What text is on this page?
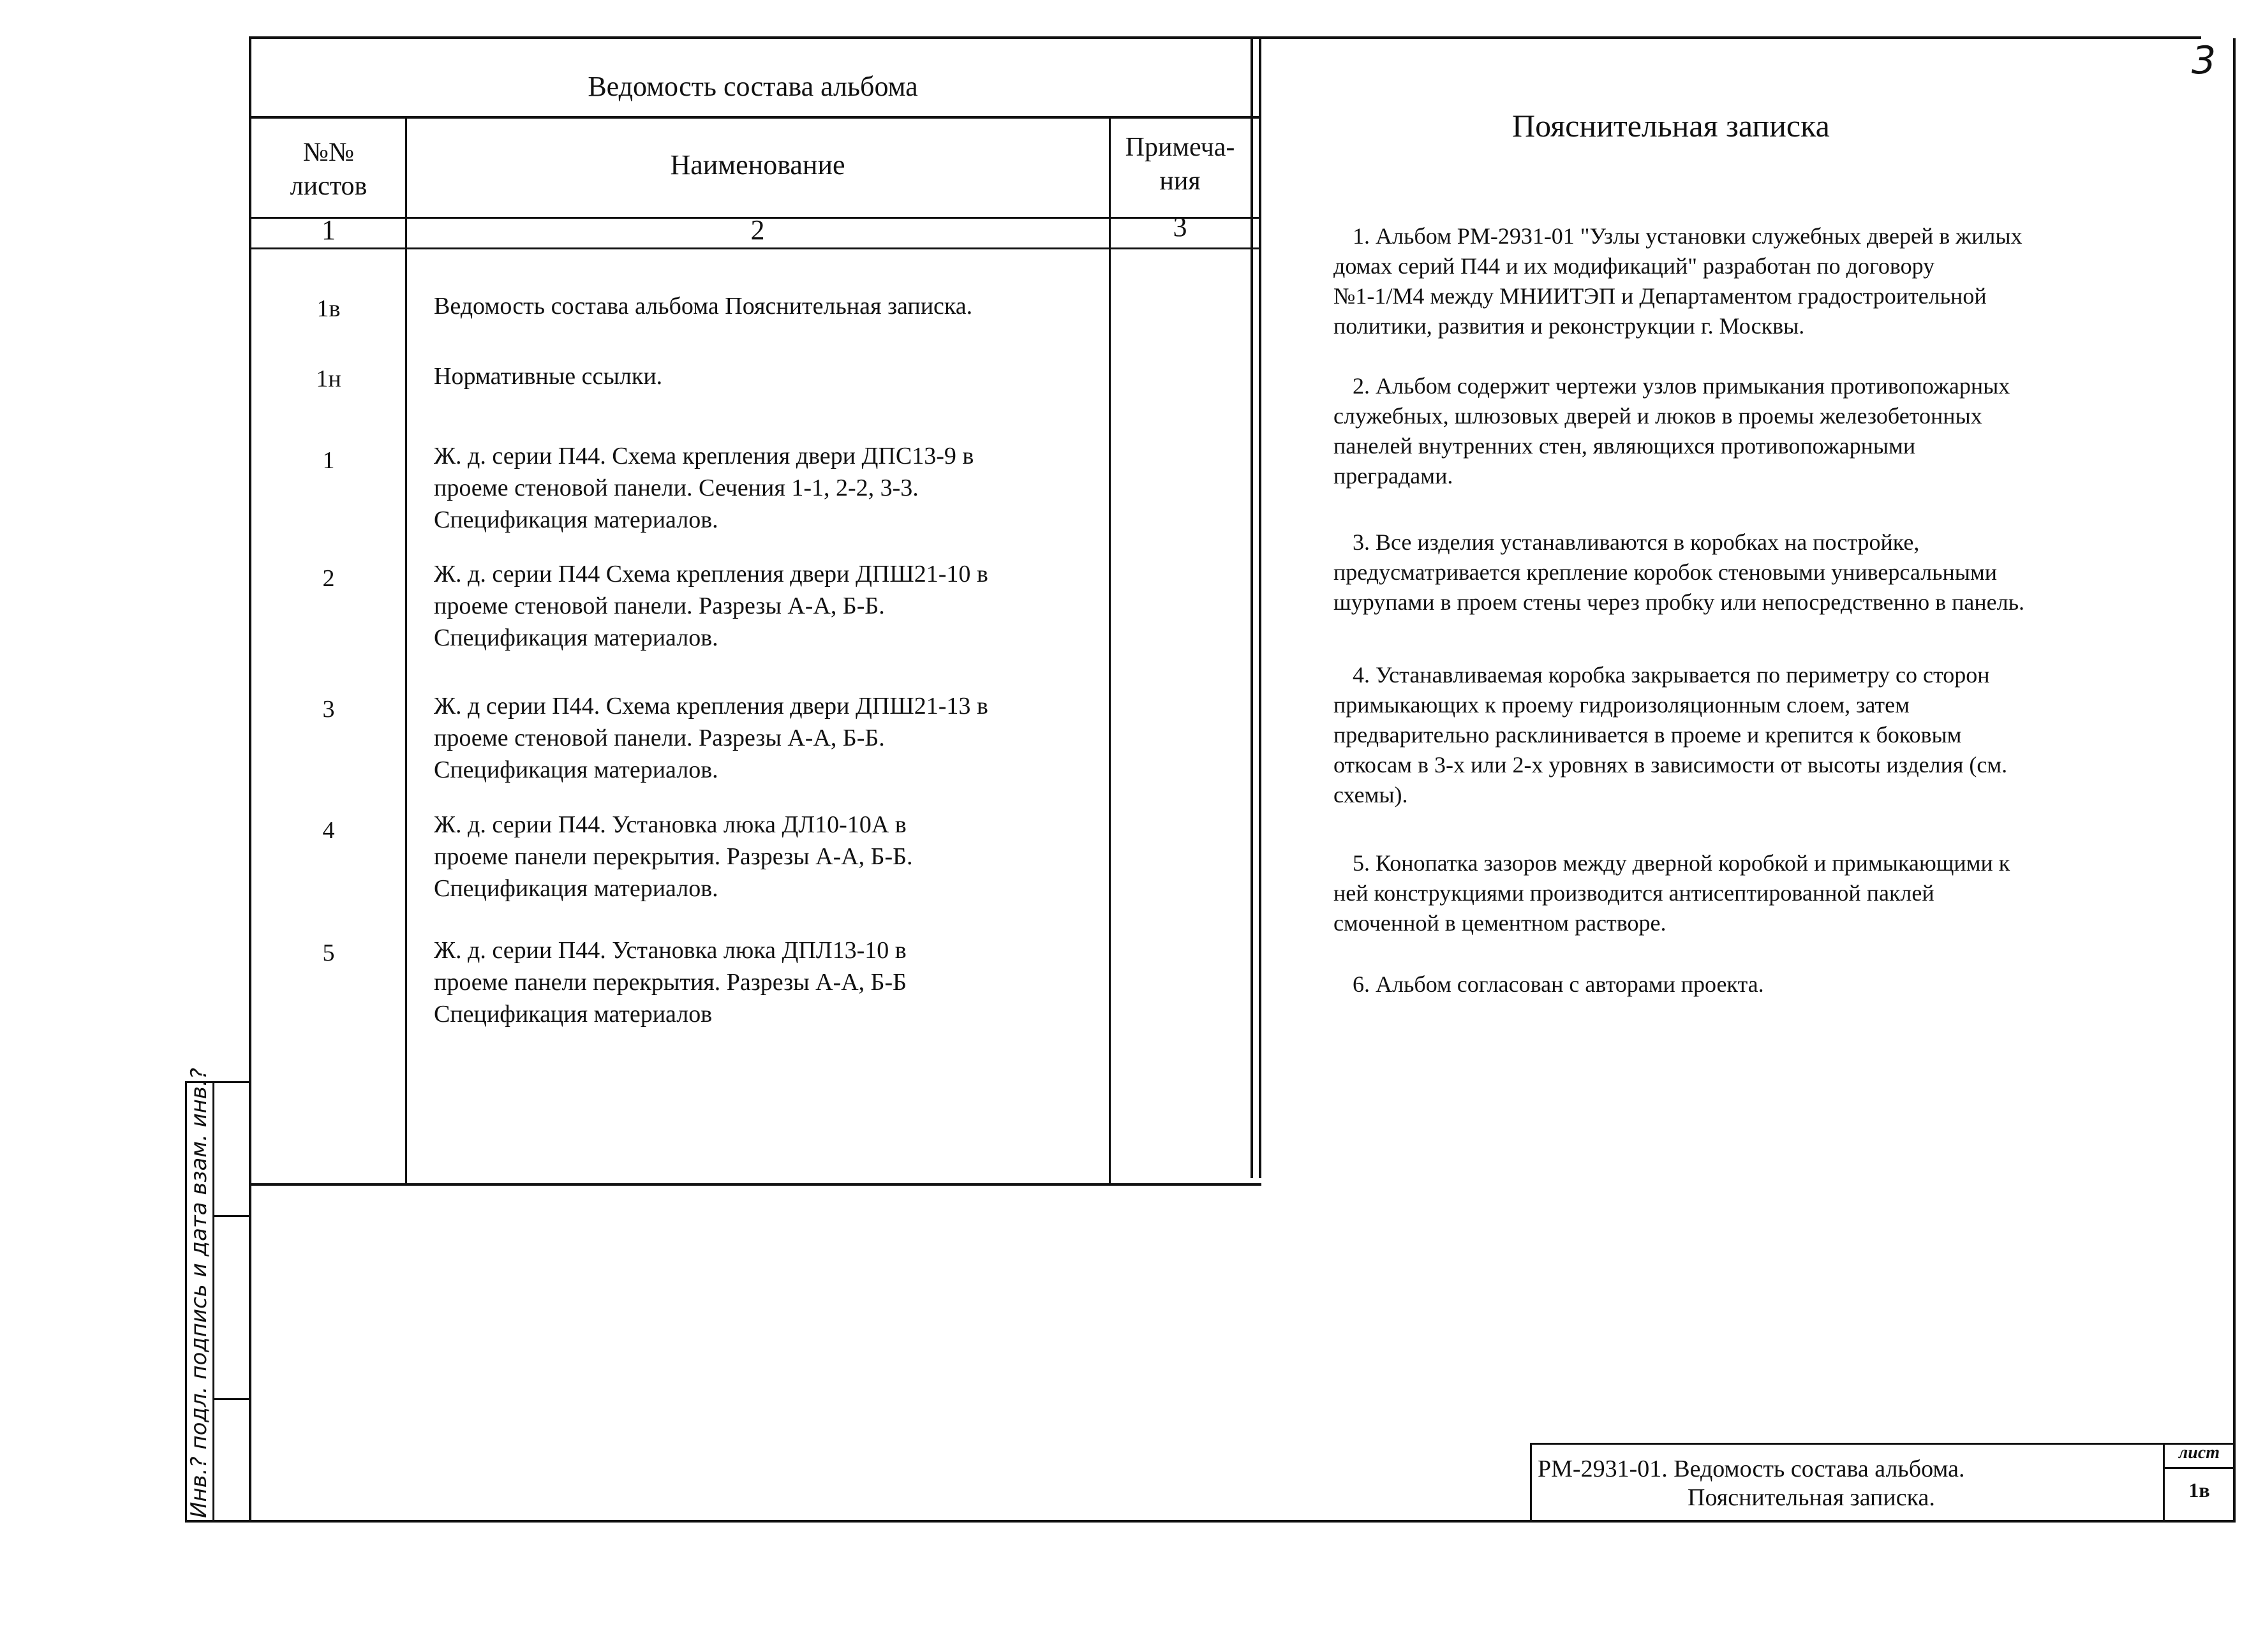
3
Ведомость состава альбома
№№
листов
Наименование
Примеча-
ния
1	2	3
1в	Ведомость состава альбома Пояснительная записка.
1н	Нормативные ссылки.
1	Ж. д. серии П44. Схема крепления двери ДПС13-9 в
проеме стеновой панели. Сечения 1-1, 2-2, 3-3.
Спецификация материалов.
2	Ж. д. серии П44 Схема крепления двери ДПШ21-10 в
проеме стеновой панели. Разрезы А-А, Б-Б.
Спецификация материалов.
3	Ж. д серии П44. Схема крепления двери ДПШ21-13 в
проеме стеновой панели. Разрезы А-А, Б-Б.
Спецификация материалов.
4	Ж. д. серии П44. Установка люка ДЛ10-10А в
проеме панели перекрытия. Разрезы А-А, Б-Б.
Спецификация материалов.
5	Ж. д. серии П44. Установка люка ДПЛ13-10 в
проеме панели перекрытия. Разрезы А-А, Б-Б
Спецификация материалов
Пояснительная записка
1. Альбом РМ-2931-01 "Узлы установки служебных дверей в жилых
домах серий П44 и их модификаций" разработан по договору
№1-1/М4 между МНИИТЭП и Департаментом градостроительной
политики, развития и реконструкции г. Москвы.
2. Альбом содержит чертежи узлов примыкания противопожарных
служебных, шлюзовых дверей и люков в проемы железобетонных
панелей внутренних стен, являющихся противопожарными
преградами.
3. Все изделия устанавливаются в коробках на постройке,
предусматривается крепление коробок стеновыми универсальными
шурупами в проем стены через пробку или непосредственно в панель.
4. Устанавливаемая коробка закрывается по периметру со сторон
примыкающих к проему гидроизоляционным слоем, затем
предварительно расклинивается в проеме и крепится к боковым
откосам в 3-х или 2-х уровнях в зависимости от высоты изделия (см.
схемы).
5. Конопатка зазоров между дверной коробкой и примыкающими к
ней конструкциями производится антисептированной паклей
смоченной в цементном растворе.
6. Альбом согласован с авторами проекта.
Инв.? подл. подпись и дата взам. инв.?	РМ-2931-01. Ведомость состава альбома.
Пояснительная записка.
лист
1в
